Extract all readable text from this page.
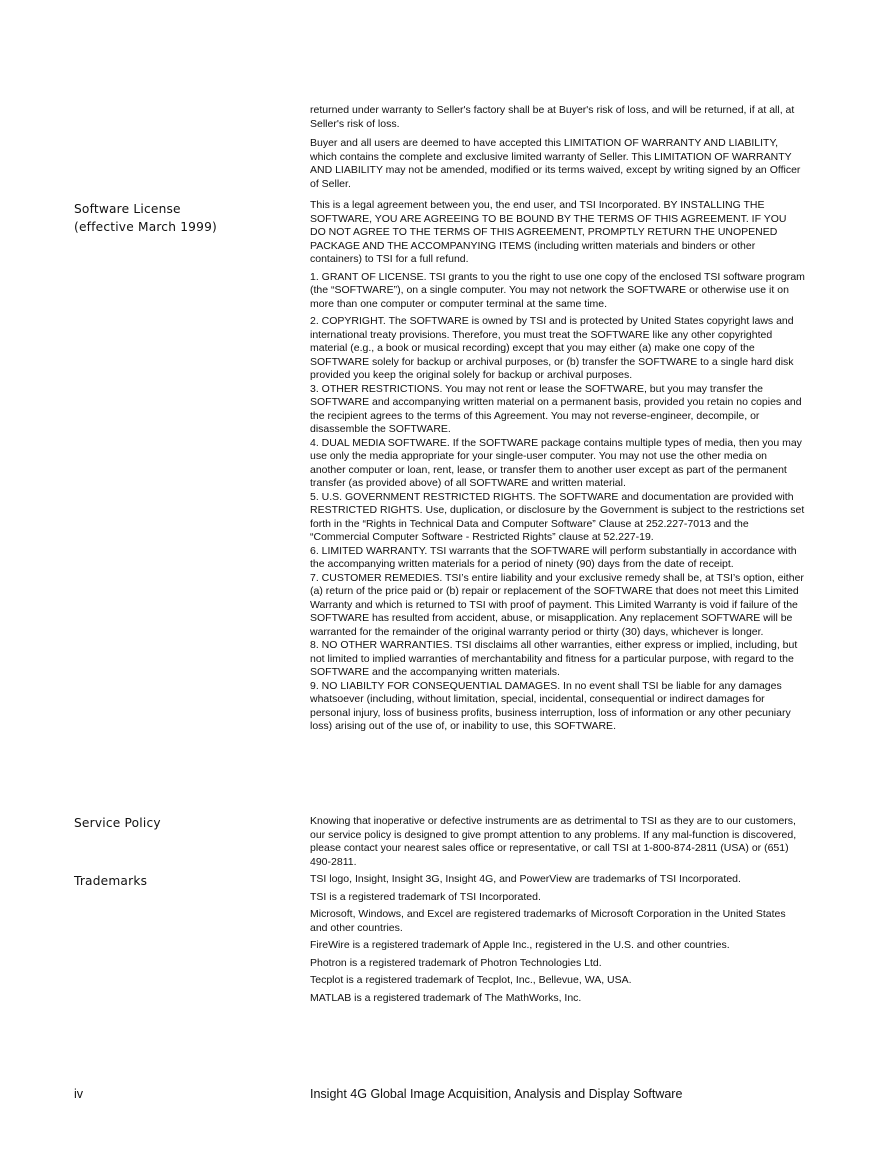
returned under warranty to Seller's factory shall be at Buyer's risk of loss, and will be returned, if at all, at Seller's risk of loss.

Buyer and all users are deemed to have accepted this LIMITATION OF WARRANTY AND LIABILITY, which contains the complete and exclusive limited warranty of Seller. This LIMITATION OF WARRANTY AND LIABILITY may not be amended, modified or its terms waived, except by writing signed by an Officer of Seller.

Software License
(effective March 1999)

This is a legal agreement between you, the end user, and TSI Incorporated. BY INSTALLING THE SOFTWARE, YOU ARE AGREEING TO BE BOUND BY THE TERMS OF THIS AGREEMENT. IF YOU DO NOT AGREE TO THE TERMS OF THIS AGREEMENT, PROMPTLY RETURN THE UNOPENED PACKAGE AND THE ACCOMPANYING ITEMS (including written materials and binders or other containers) to TSI for a full refund.

1. GRANT OF LICENSE. TSI grants to you the right to use one copy of the enclosed TSI software program (the “SOFTWARE”), on a single computer. You may not network the SOFTWARE or otherwise use it on more than one computer or computer terminal at the same time.

2. COPYRIGHT. The SOFTWARE is owned by TSI and is protected by United States copyright laws and international treaty provisions. Therefore, you must treat the SOFTWARE like any other copyrighted material (e.g., a book or musical recording) except that you may either (a) make one copy of the SOFTWARE solely for backup or archival purposes, or (b) transfer the SOFTWARE to a single hard disk provided you keep the original solely for backup or archival purposes.

3. OTHER RESTRICTIONS. You may not rent or lease the SOFTWARE, but you may transfer the SOFTWARE and accompanying written material on a permanent basis, provided you retain no copies and the recipient agrees to the terms of this Agreement. You may not reverse-engineer, decompile, or disassemble the SOFTWARE.

4. DUAL MEDIA SOFTWARE. If the SOFTWARE package contains multiple types of media, then you may use only the media appropriate for your single-user computer. You may not use the other media on another computer or loan, rent, lease, or transfer them to another user except as part of the permanent transfer (as provided above) of all SOFTWARE and written material.

5. U.S. GOVERNMENT RESTRICTED RIGHTS. The SOFTWARE and documentation are provided with RESTRICTED RIGHTS. Use, duplication, or disclosure by the Government is subject to the restrictions set forth in the “Rights in Technical Data and Computer Software” Clause at 252.227-7013 and the “Commercial Computer Software - Restricted Rights” clause at 52.227-19.

6. LIMITED WARRANTY. TSI warrants that the SOFTWARE will perform substantially in accordance with the accompanying written materials for a period of ninety (90) days from the date of receipt.

7. CUSTOMER REMEDIES. TSI’s entire liability and your exclusive remedy shall be, at TSI’s option, either (a) return of the price paid or (b) repair or replacement of the SOFTWARE that does not meet this Limited Warranty and which is returned to TSI with proof of payment. This Limited Warranty is void if failure of the SOFTWARE has resulted from accident, abuse, or misapplication. Any replacement SOFTWARE will be warranted for the remainder of the original warranty period or thirty (30) days, whichever is longer.

8. NO OTHER WARRANTIES. TSI disclaims all other warranties, either express or implied, including, but not limited to implied warranties of merchantability and fitness for a particular purpose, with regard to the SOFTWARE and the accompanying written materials.

9. NO LIABILTY FOR CONSEQUENTIAL DAMAGES. In no event shall TSI be liable for any damages whatsoever (including, without limitation, special, incidental, consequential or indirect damages for personal injury, loss of business profits, business interruption, loss of information or any other pecuniary loss) arising out of the use of, or inability to use, this SOFTWARE.

Service Policy	Knowing that inoperative or defective instruments are as detrimental to TSI as they are to our customers, our service policy is designed to give prompt attention to any problems. If any mal-function is discovered, please contact your nearest sales office or representative, or call TSI at 1-800-874-2811 (USA) or (651) 490-2811.

Trademarks	TSI logo, Insight, Insight 3G, Insight 4G, and PowerView are trademarks of TSI Incorporated.

TSI is a registered trademark of TSI Incorporated.

Microsoft, Windows, and Excel are registered trademarks of Microsoft Corporation in the United States and other countries.

FireWire is a registered trademark of Apple Inc., registered in the U.S. and other countries.

Photron is a registered trademark of Photron Technologies Ltd.

Tecplot is a registered trademark of Tecplot, Inc., Bellevue, WA, USA.

MATLAB is a registered trademark of The MathWorks, Inc.

iv	Insight 4G Global Image Acquisition, Analysis and Display Software
